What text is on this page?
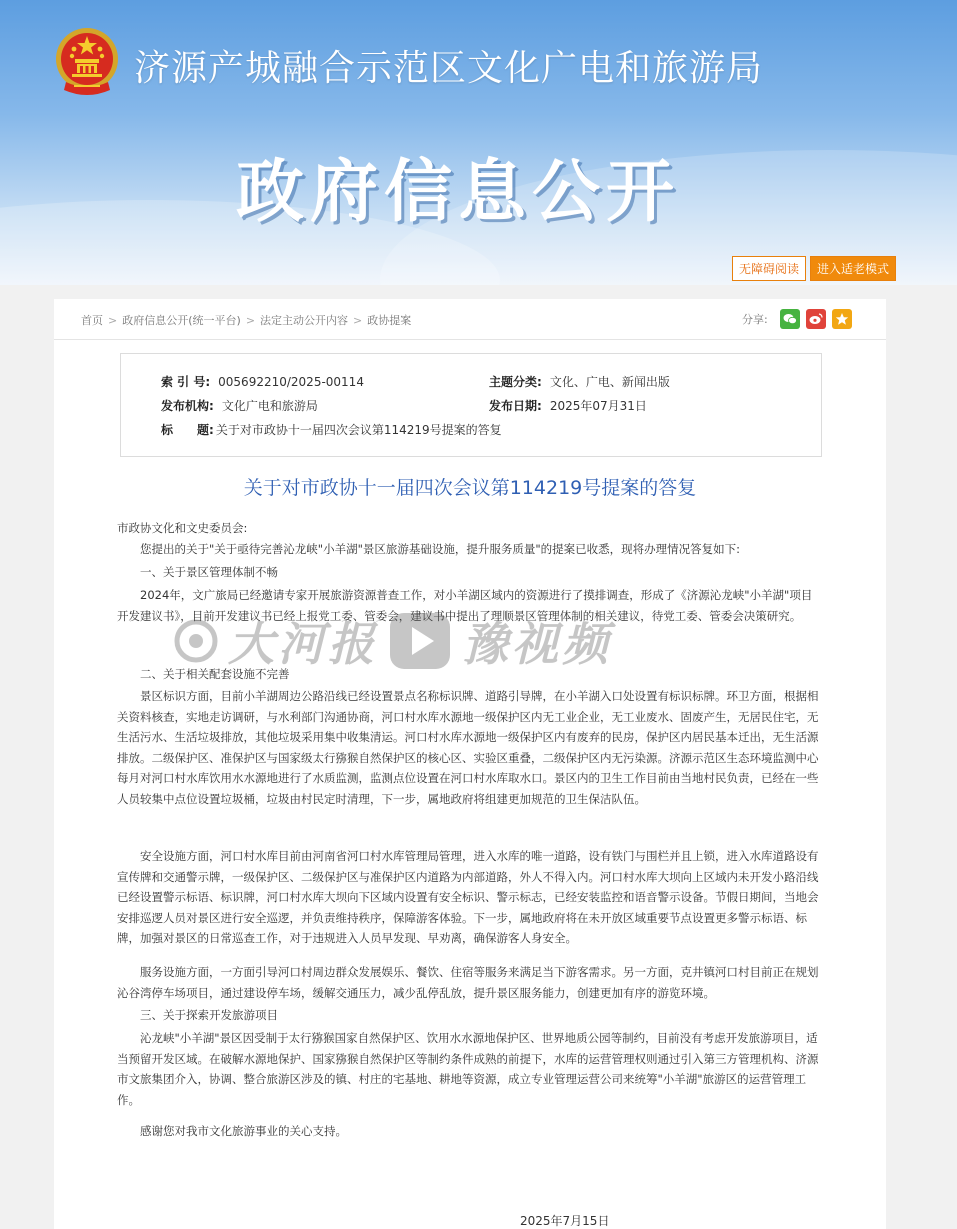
济源产城融合示范区文化广电和旅游局
政府信息公开
无障碍阅读	进入适老模式
首页 > 政府信息公开(统一平台) > 法定主动公开内容 > 政协提案	分享:
索 引 号: 005692210/2025-00114	主题分类: 文化、广电、新闻出版
发布机构: 文化广电和旅游局	发布日期: 2025年07月31日
标　　题: 关于对市政协十一届四次会议第114219号提案的答复
关于对市政协十一届四次会议第114219号提案的答复
市政协文化和文史委员会:
您提出的关于"关于亟待完善沁龙峡"小羊湖"景区旅游基础设施，提升服务质量"的提案已收悉，现将办理情况答复如下:
一、关于景区管理体制不畅
2024年，文广旅局已经邀请专家开展旅游资源普查工作，对小羊湖区域内的资源进行了摸排调查，形成了《济源沁龙峡"小羊湖"项目开发建议书》，目前开发建议书已经上报党工委、管委会，建议书中提出了理顺景区管理体制的相关建议，待党工委、管委会决策研究。
二、关于相关配套设施不完善
景区标识方面，目前小羊湖周边公路沿线已经设置景点名称标识牌、道路引导牌，在小羊湖入口处设置有标识标牌。环卫方面，根据相关资料核查，实地走访调研，与水利部门沟通协商，河口村水库水源地一级保护区内无工业企业，无工业废水、固废产生，无居民住宅，无生活污水、生活垃圾排放，其他垃圾采用集中收集清运。河口村水库水源地一级保护区内有废弃的民房，保护区内居民基本迁出，无生活源排放。二级保护区、准保护区与国家级太行猕猴自然保护区的核心区、实验区重叠，二级保护区内无污染源。济源示范区生态环境监测中心每月对河口村水库饮用水水源地进行了水质监测，监测点位设置在河口村水库取水口。景区内的卫生工作目前由当地村民负责，已经在一些人员较集中点位设置垃圾桶，垃圾由村民定时清理，下一步，属地政府将组建更加规范的卫生保洁队伍。
安全设施方面，河口村水库目前由河南省河口村水库管理局管理，进入水库的唯一道路，设有铁门与围栏并且上锁，进入水库道路设有宣传牌和交通警示牌，一级保护区、二级保护区与准保护区内道路为内部道路，外人不得入内。河口村水库大坝向上区域内未开发小路沿线已经设置警示标语、标识牌，河口村水库大坝向下区域内设置有安全标识、警示标志，已经安装监控和语音警示设备。节假日期间，当地会安排巡逻人员对景区进行安全巡逻，并负责维持秩序，保障游客体验。下一步，属地政府将在未开放区域重要节点设置更多警示标语、标牌，加强对景区的日常巡查工作，对于违规进入人员早发现、早劝离，确保游客人身安全。
服务设施方面，一方面引导河口村周边群众发展娱乐、餐饮、住宿等服务来满足当下游客需求。另一方面，克井镇河口村目前正在规划沁谷湾停车场项目，通过建设停车场，缓解交通压力，减少乱停乱放，提升景区服务能力，创建更加有序的游览环境。
三、关于探索开发旅游项目
沁龙峡"小羊湖"景区因受制于太行猕猴国家自然保护区、饮用水水源地保护区、世界地质公园等制约，目前没有考虑开发旅游项目，适当预留开发区域。在破解水源地保护、国家猕猴自然保护区等制约条件成熟的前提下，水库的运营管理权则通过引入第三方管理机构、济源市文旅集团介入，协调、整合旅游区涉及的镇、村庄的宅基地、耕地等资源，成立专业管理运营公司来统筹"小羊湖"旅游区的运营管理工作。
感谢您对我市文化旅游事业的关心支持。
2025年7月15日
大河报 豫视频
